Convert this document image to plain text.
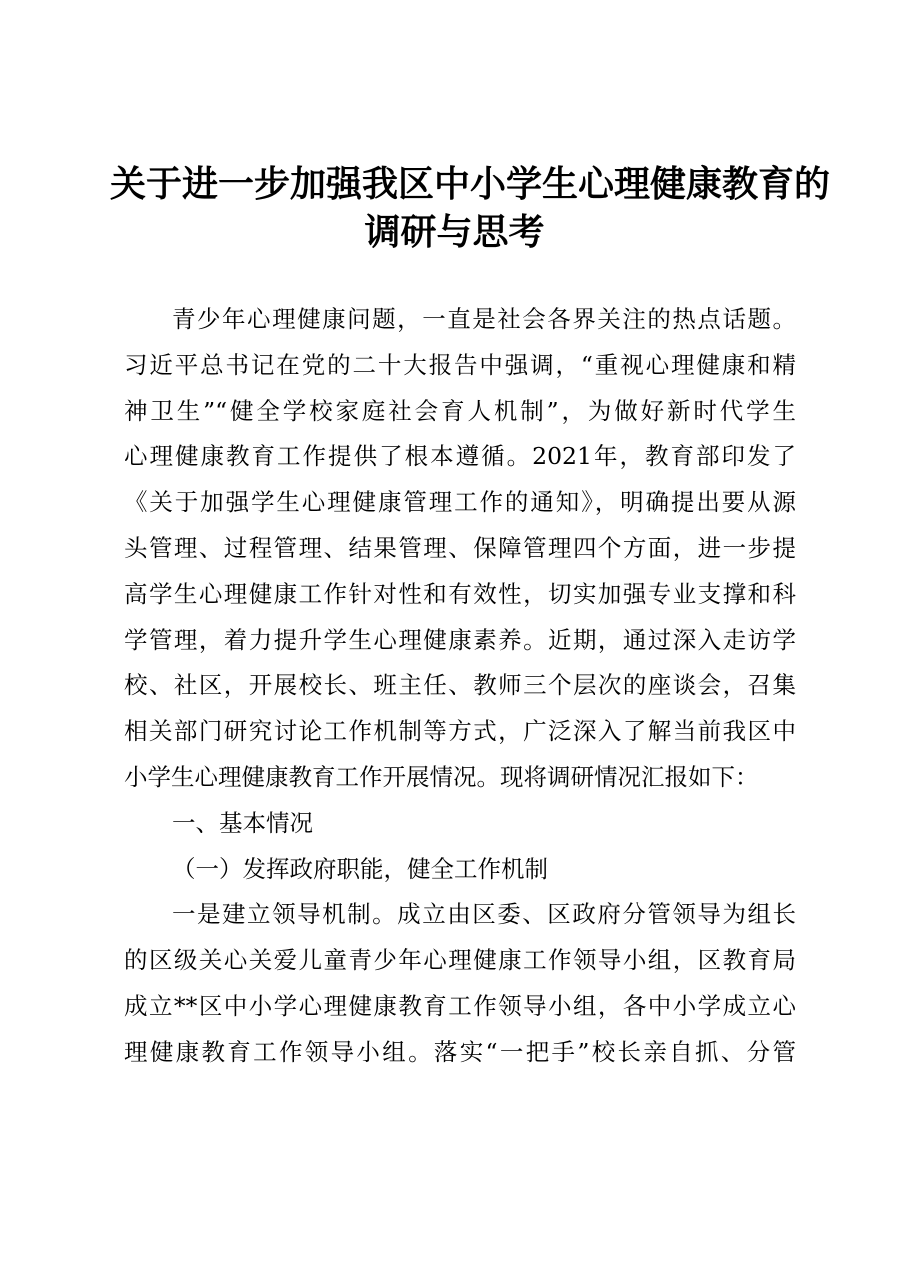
关于进一步加强我区中小学生心理健康教育的
调研与思考
青少年心理健康问题，一直是社会各界关注的热点话题。
习近平总书记在党的二十大报告中强调，“重视心理健康和精
神卫生”“健全学校家庭社会育人机制”，为做好新时代学生
心理健康教育工作提供了根本遵循。2021年，教育部印发了
《关于加强学生心理健康管理工作的通知》，明确提出要从源
头管理、过程管理、结果管理、保障管理四个方面，进一步提
高学生心理健康工作针对性和有效性，切实加强专业支撑和科
学管理，着力提升学生心理健康素养。近期，通过深入走访学
校、社区，开展校长、班主任、教师三个层次的座谈会，召集
相关部门研究讨论工作机制等方式，广泛深入了解当前我区中
小学生心理健康教育工作开展情况。现将调研情况汇报如下：
一、基本情况
（一）发挥政府职能，健全工作机制
一是建立领导机制。成立由区委、区政府分管领导为组长
的区级关心关爱儿童青少年心理健康工作领导小组，区教育局
成立**区中小学心理健康教育工作领导小组，各中小学成立心
理健康教育工作领导小组。落实“一把手”校长亲自抓、分管
